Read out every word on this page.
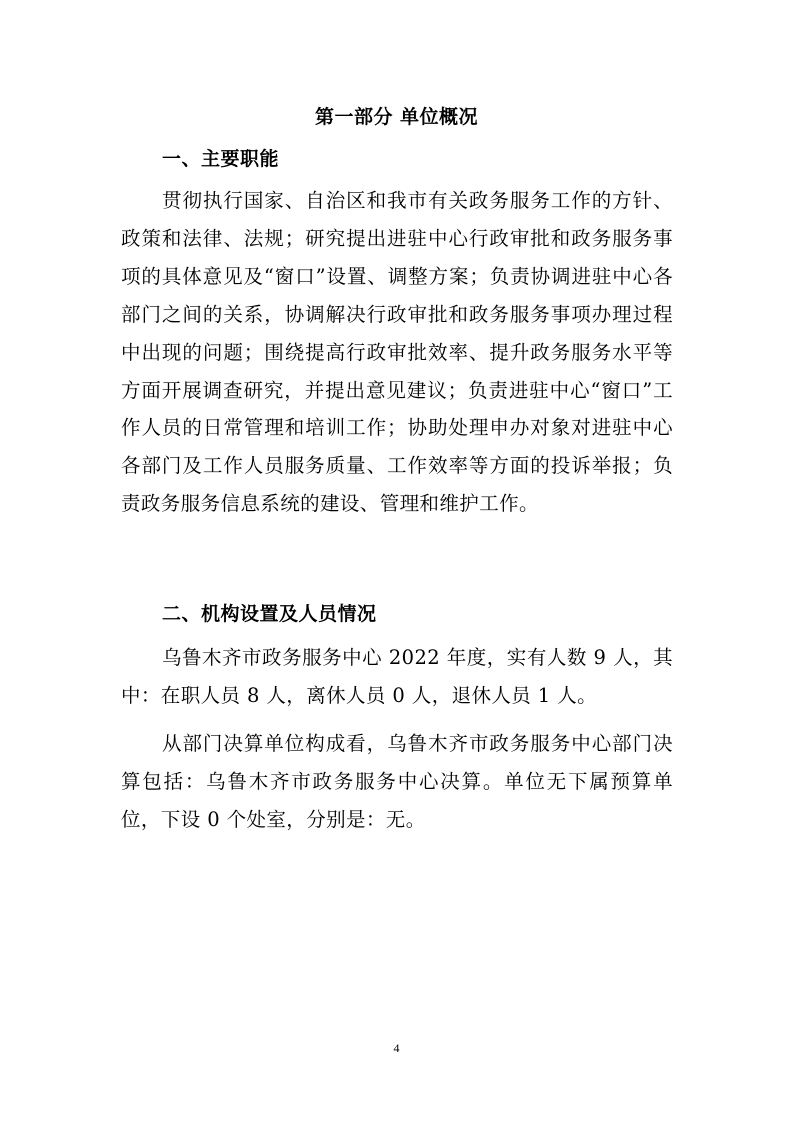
第一部分 单位概况
一、主要职能
贯彻执行国家、自治区和我市有关政务服务工作的方针、政策和法律、法规；研究提出进驻中心行政审批和政务服务事项的具体意见及“窗口”设置、调整方案；负责协调进驻中心各部门之间的关系，协调解决行政审批和政务服务事项办理过程中出现的问题；围绕提高行政审批效率、提升政务服务水平等方面开展调查研究，并提出意见建议；负责进驻中心“窗口”工作人员的日常管理和培训工作；协助处理申办对象对进驻中心各部门及工作人员服务质量、工作效率等方面的投诉举报；负责政务服务信息系统的建设、管理和维护工作。
二、机构设置及人员情况
乌鲁木齐市政务服务中心 2022 年度，实有人数 9 人，其中：在职人员 8 人，离休人员 0 人，退休人员 1 人。
从部门决算单位构成看，乌鲁木齐市政务服务中心部门决算包括：乌鲁木齐市政务服务中心决算。单位无下属预算单位，下设 0 个处室，分别是：无。
4
